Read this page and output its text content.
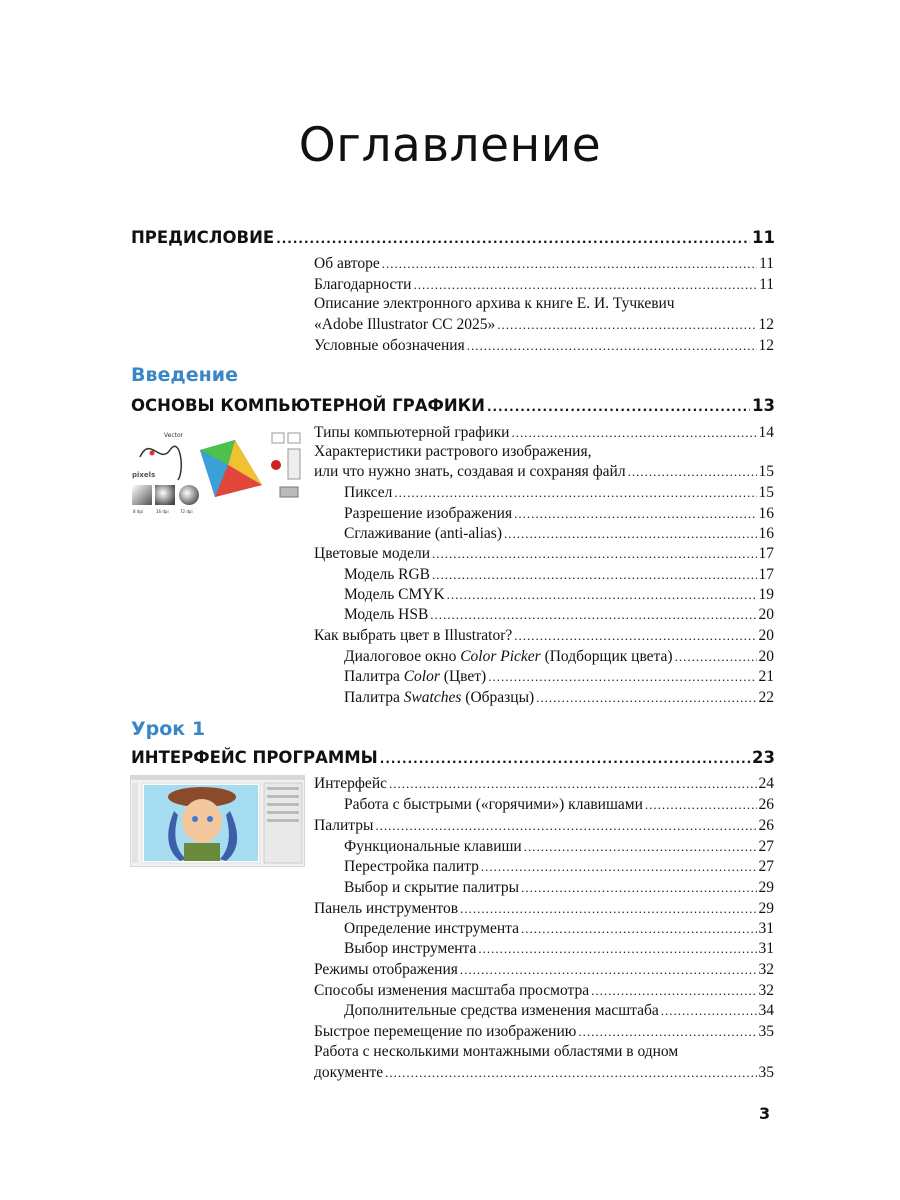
Оглавление
ПРЕДИСЛОВИЕ .....	11
Об авторе .....	11
Благодарности .....	11
Описание электронного архива к книге Е. И. Тучкевич
«Adobe Illustrator CC 2025» .....	12
Условные обозначения .....	12
Введение
ОСНОВЫ КОМПЬЮТЕРНОЙ ГРАФИКИ .....	13
Vector
pixels
8 dpi	16 dpi	72 dpi
Типы компьютерной графики .....	14
Характеристики растрового изображения,
или что нужно знать, создавая и сохраняя файл .....	15
Пиксел .....	15
Разрешение изображения .....	16
Сглаживание (anti-alias) .....	16
Цветовые модели .....	17
Модель RGB .....	17
Модель CMYK .....	19
Модель HSB .....	20
Как выбрать цвет в Illustrator? .....	20
Диалоговое окно Color Picker (Подборщик цвета) .....	20
Палитра Color (Цвет) .....	21
Палитра Swatches (Образцы) .....	22
Урок 1
ИНТЕРФЕЙС ПРОГРАММЫ .....	23
Интерфейс .....	24
Работа с быстрыми («горячими») клавишами .....	26
Палитры .....	26
Функциональные клавиши .....	27
Перестройка палитр .....	27
Выбор и скрытие палитры .....	29
Панель инструментов .....	29
Определение инструмента .....	31
Выбор инструмента .....	31
Режимы отображения .....	32
Способы изменения масштаба просмотра .....	32
Дополнительные средства изменения масштаба .....	34
Быстрое перемещение по изображению .....	35
Работа с несколькими монтажными областями в одном
документе .....	35
3
